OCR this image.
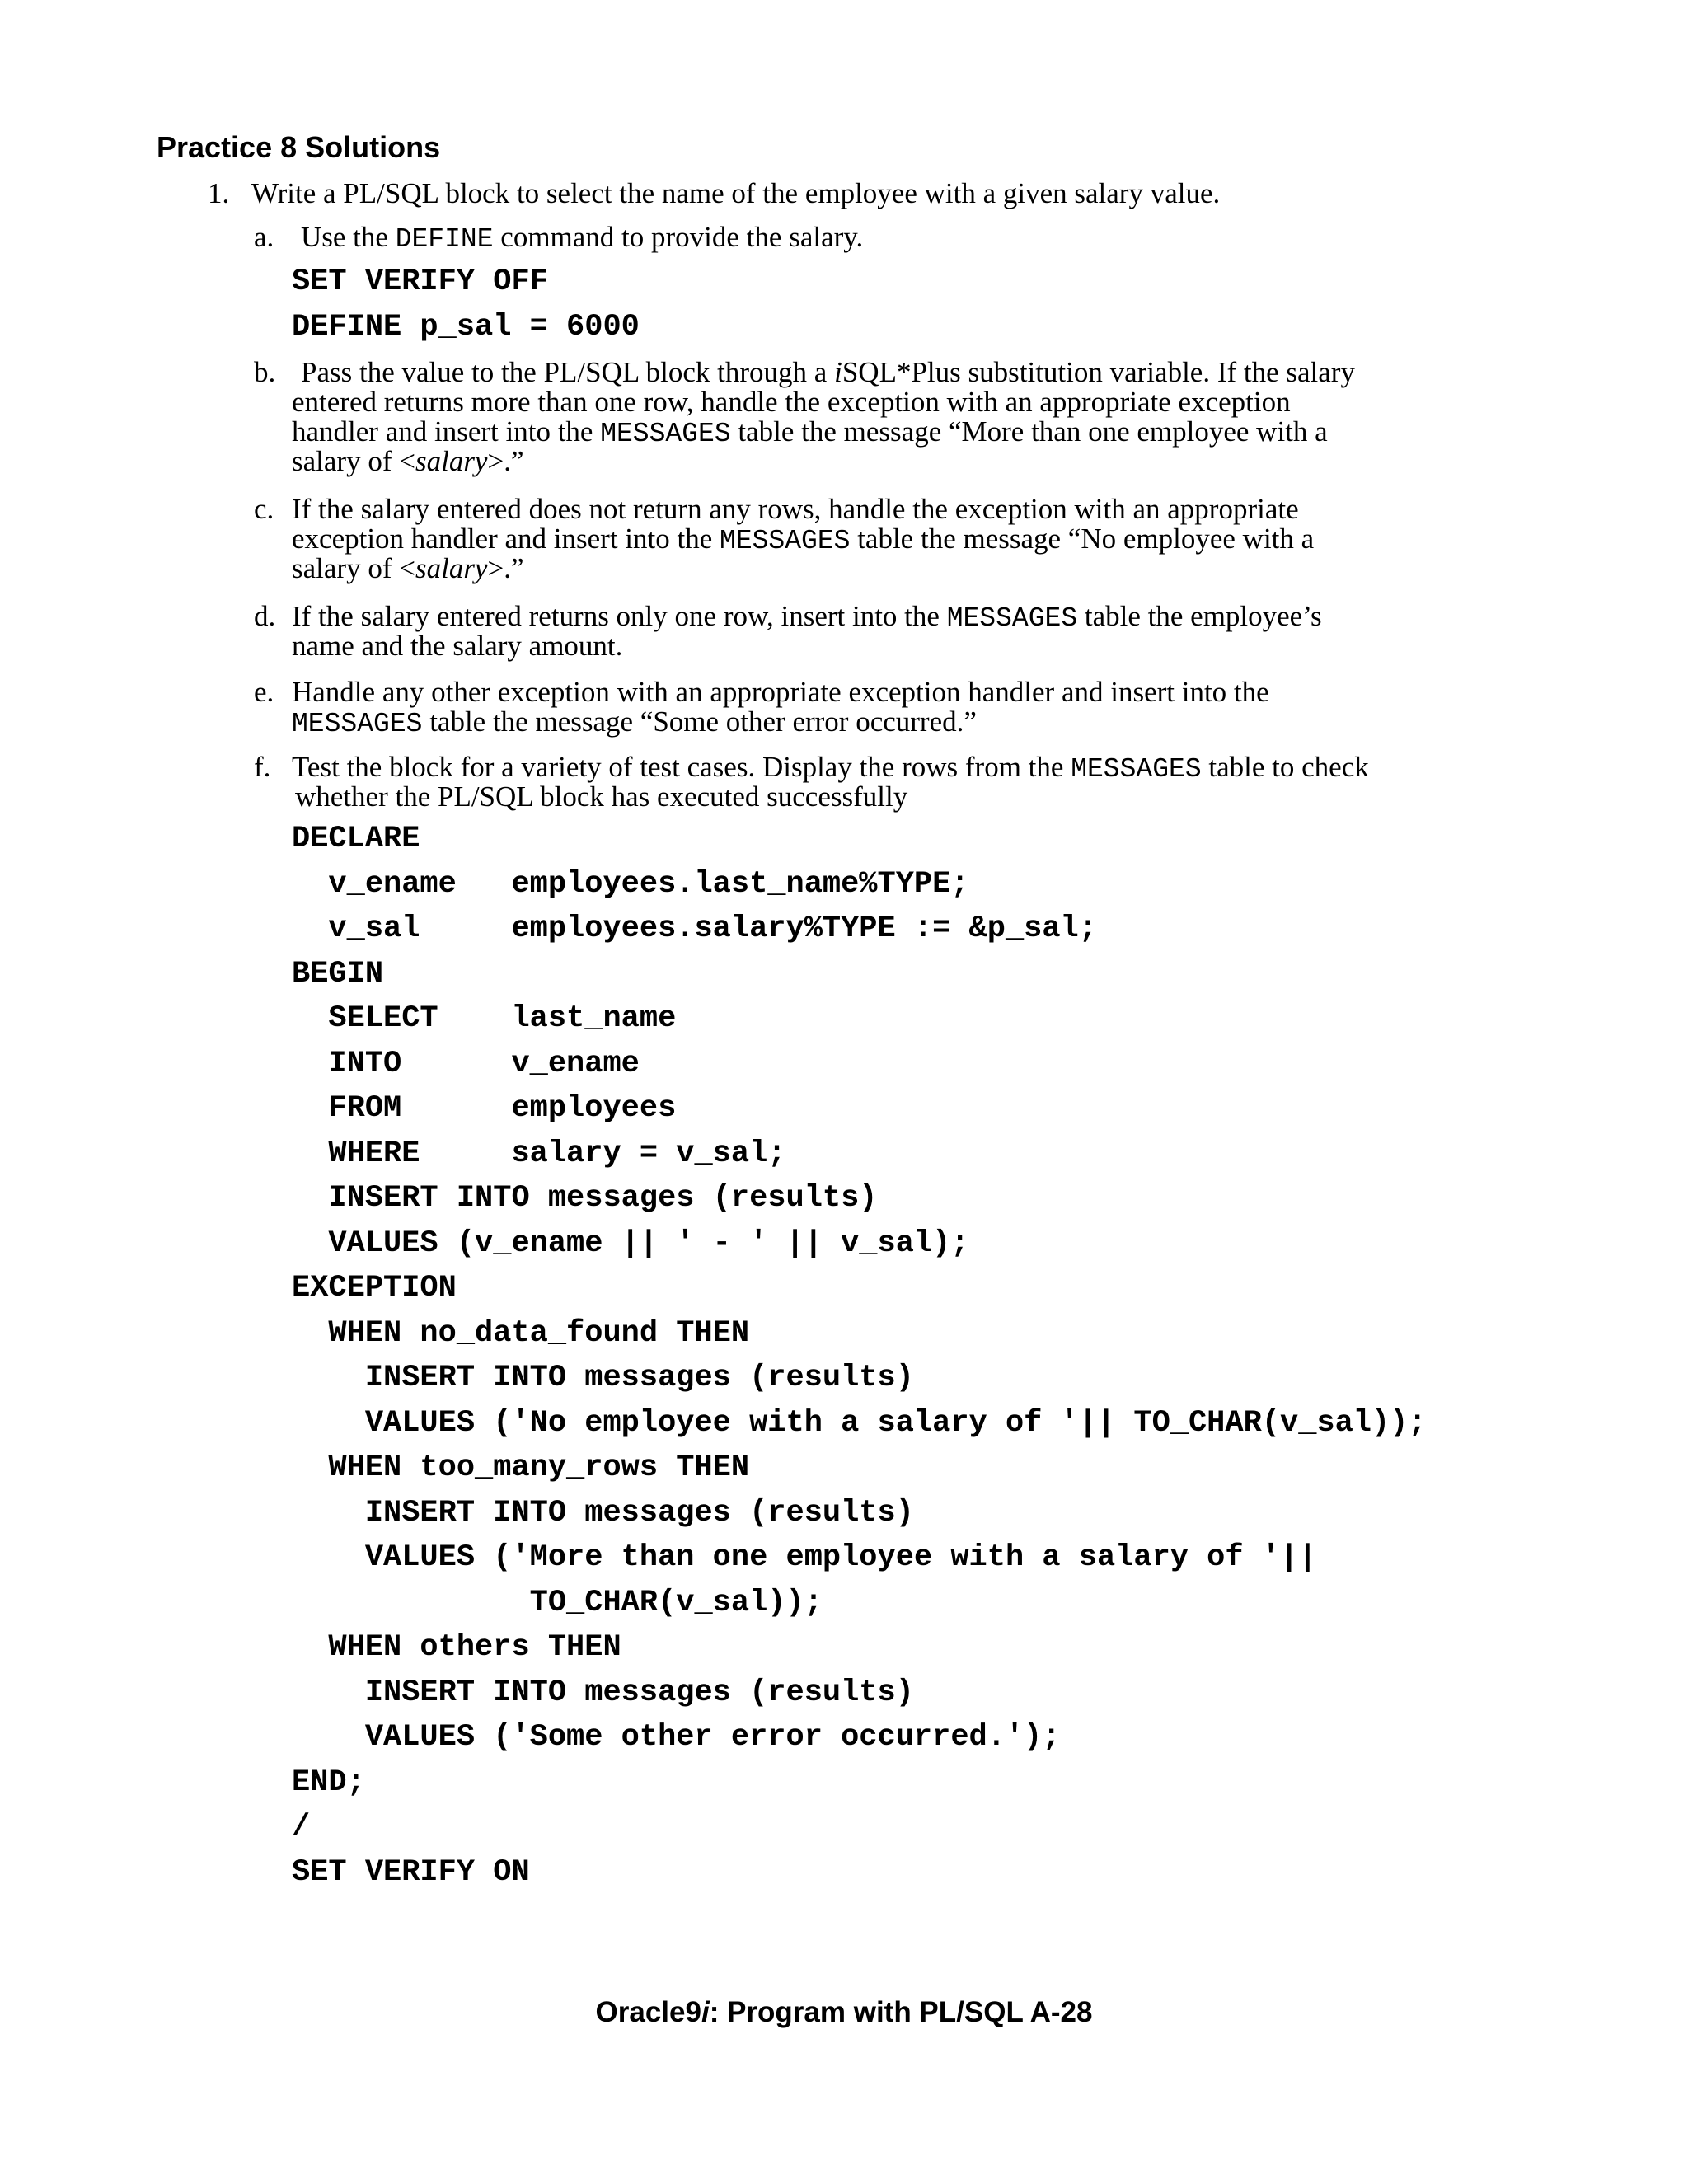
Practice 8 Solutions
1. Write a PL/SQL block to select the name of the employee with a given salary value.
a. Use the DEFINE command to provide the salary.
SET VERIFY OFF
DEFINE p_sal = 6000
b. Pass the value to the PL/SQL block through a iSQL*Plus substitution variable. If the salary
entered returns more than one row, handle the exception with an appropriate exception
handler and insert into the MESSAGES table the message “More than one employee with a
salary of <salary>.”
c. If the salary entered does not return any rows, handle the exception with an appropriate
exception handler and insert into the MESSAGES table the message “No employee with a
salary of <salary>.”
d. If the salary entered returns only one row, insert into the MESSAGES table the employee’s
name and the salary amount.
e. Handle any other exception with an appropriate exception handler and insert into the
MESSAGES table the message “Some other error occurred.”
f. Test the block for a variety of test cases. Display the rows from the MESSAGES table to check
whether the PL/SQL block has executed successfully
DECLARE
v_ename   employees.last_name%TYPE;
v_sal     employees.salary%TYPE := &p_sal;
BEGIN
SELECT    last_name
INTO      v_ename
FROM      employees
WHERE     salary = v_sal;
INSERT INTO messages (results)
VALUES (v_ename || ' - ' || v_sal);
EXCEPTION
WHEN no_data_found THEN
INSERT INTO messages (results)
VALUES ('No employee with a salary of '|| TO_CHAR(v_sal));
WHEN too_many_rows THEN
INSERT INTO messages (results)
VALUES ('More than one employee with a salary of '||
TO_CHAR(v_sal));
WHEN others THEN
INSERT INTO messages (results)
VALUES ('Some other error occurred.');
END;
/
SET VERIFY ON
Oracle9i: Program with PL/SQL A-28
